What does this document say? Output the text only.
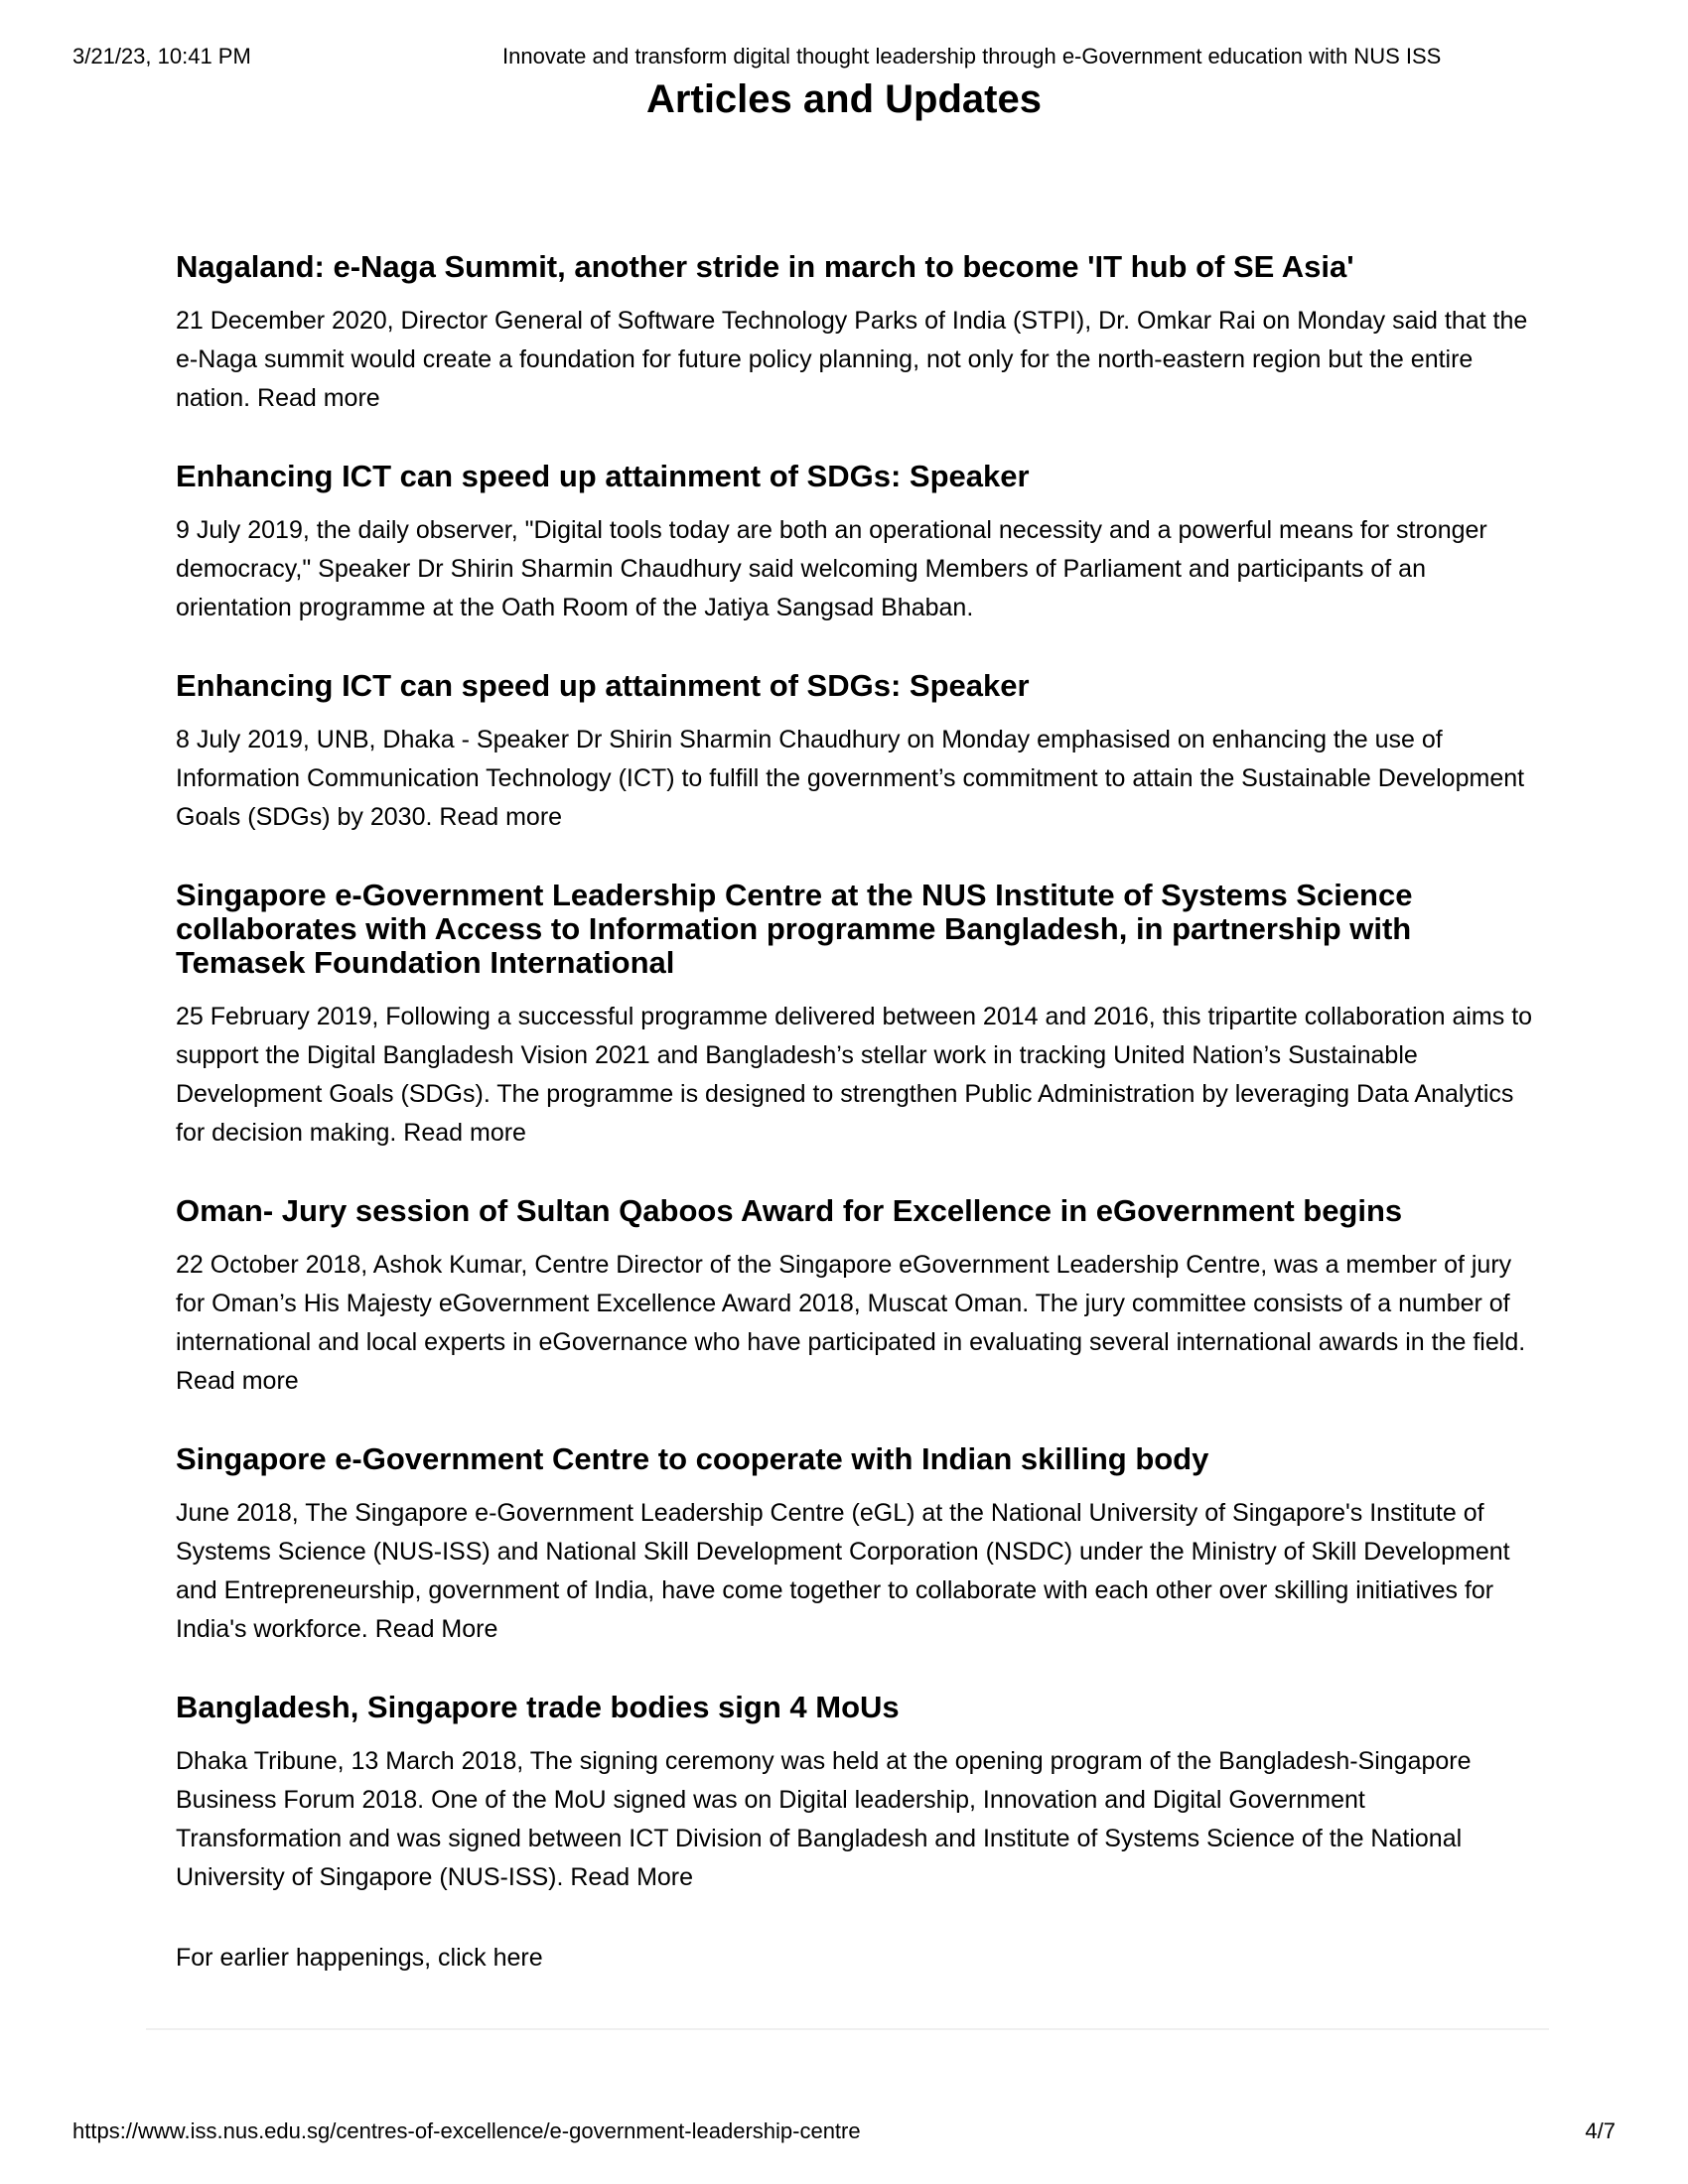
3/21/23, 10:41 PM	Innovate and transform digital thought leadership through e-Government education with NUS ISS
Articles and Updates
Nagaland: e-Naga Summit, another stride in march to become 'IT hub of SE Asia'

21 December 2020, Director General of Software Technology Parks of India (STPI), Dr. Omkar Rai on Monday said that the e-Naga summit would create a foundation for future policy planning, not only for the north-eastern region but the entire nation. Read more

Enhancing ICT can speed up attainment of SDGs: Speaker

9 July 2019, the daily observer, "Digital tools today are both an operational necessity and a powerful means for stronger democracy," Speaker Dr Shirin Sharmin Chaudhury said welcoming Members of Parliament and participants of an orientation programme at the Oath Room of the Jatiya Sangsad Bhaban.

Enhancing ICT can speed up attainment of SDGs: Speaker

8 July 2019, UNB, Dhaka - Speaker Dr Shirin Sharmin Chaudhury on Monday emphasised on enhancing the use of Information Communication Technology (ICT) to fulfill the government’s commitment to attain the Sustainable Development Goals (SDGs) by 2030. Read more

Singapore e-Government Leadership Centre at the NUS Institute of Systems Science collaborates with Access to Information programme Bangladesh, in partnership with Temasek Foundation International

25 February 2019, Following a successful programme delivered between 2014 and 2016, this tripartite collaboration aims to support the Digital Bangladesh Vision 2021 and Bangladesh’s stellar work in tracking United Nation’s Sustainable Development Goals (SDGs). The programme is designed to strengthen Public Administration by leveraging Data Analytics for decision making. Read more

Oman- Jury session of Sultan Qaboos Award for Excellence in eGovernment begins

22 October 2018, Ashok Kumar, Centre Director of the Singapore eGovernment Leadership Centre, was a member of jury for Oman’s His Majesty eGovernment Excellence Award 2018, Muscat Oman. The jury committee consists of a number of international and local experts in eGovernance who have participated in evaluating several international awards in the field. Read more

Singapore e-Government Centre to cooperate with Indian skilling body

June 2018, The Singapore e-Government Leadership Centre (eGL) at the National University of Singapore's Institute of Systems Science (NUS-ISS) and National Skill Development Corporation (NSDC) under the Ministry of Skill Development and Entrepreneurship, government of India, have come together to collaborate with each other over skilling initiatives for India's workforce. Read More

Bangladesh, Singapore trade bodies sign 4 MoUs

Dhaka Tribune, 13 March 2018, The signing ceremony was held at the opening program of the Bangladesh-Singapore Business Forum 2018. One of the MoU signed was on Digital leadership, Innovation and Digital Government Transformation and was signed between ICT Division of Bangladesh and Institute of Systems Science of the National University of Singapore (NUS-ISS). Read More

For earlier happenings, click here

https://www.iss.nus.edu.sg/centres-of-excellence/e-government-leadership-centre	4/7
